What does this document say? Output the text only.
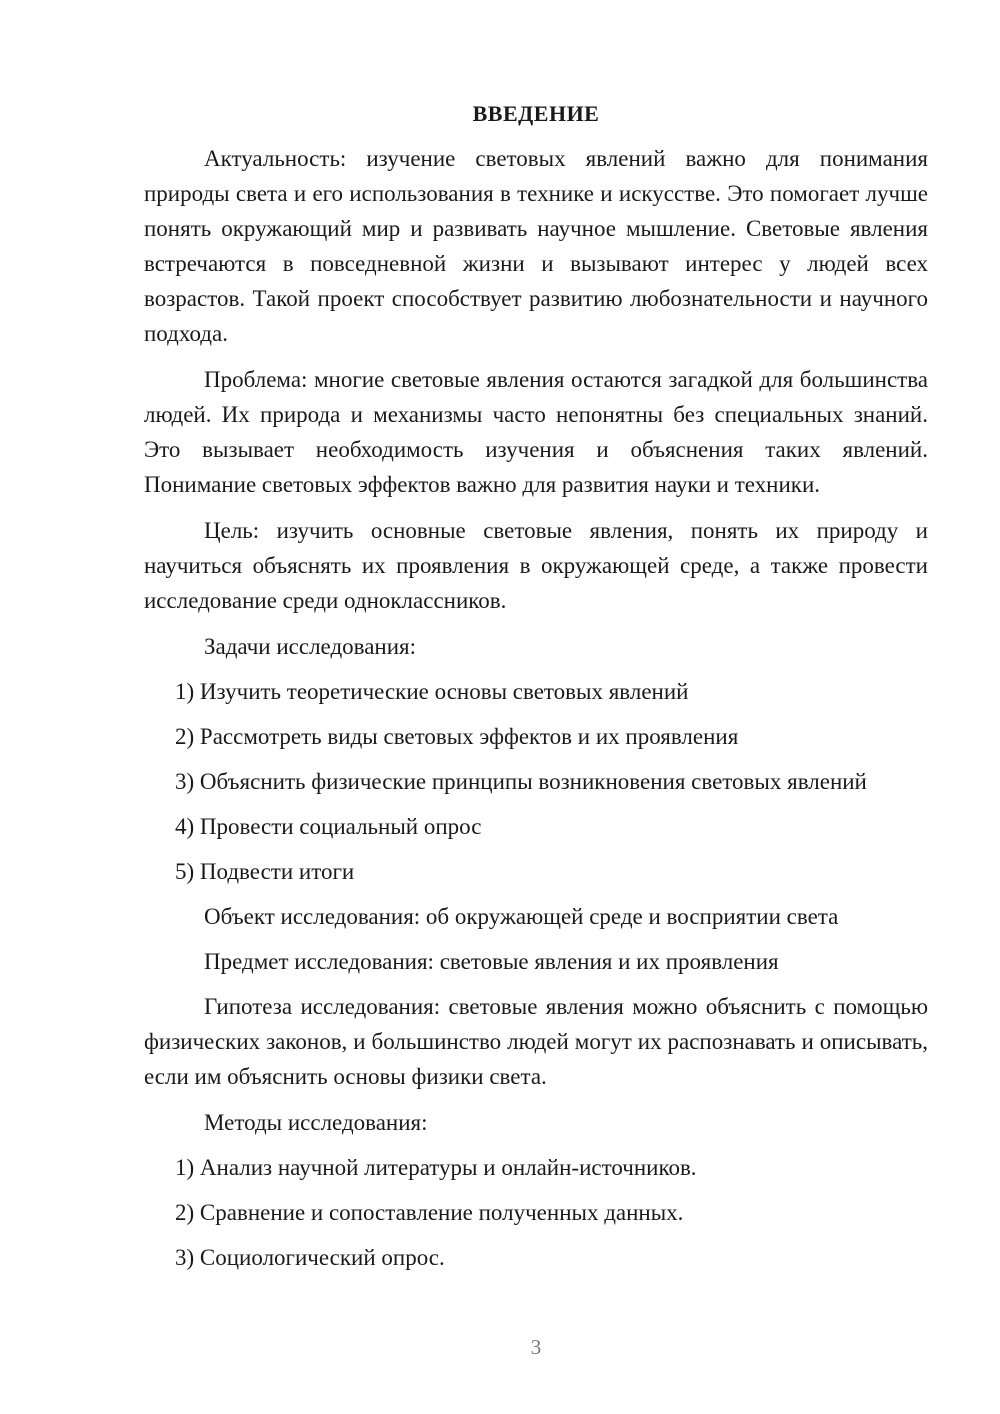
ВВЕДЕНИЕ

Актуальность: изучение световых явлений важно для понимания природы света и его использования в технике и искусстве. Это помогает лучше понять окружающий мир и развивать научное мышление. Световые явления встречаются в повседневной жизни и вызывают интерес у людей всех возрастов. Такой проект способствует развитию любознательности и научного подхода.

Проблема: многие световые явления остаются загадкой для большинства людей. Их природа и механизмы часто непонятны без специальных знаний. Это вызывает необходимость изучения и объяснения таких явлений. Понимание световых эффектов важно для развития науки и техники.

Цель: изучить основные световые явления, понять их природу и научиться объяснять их проявления в окружающей среде, а также провести исследование среди одноклассников.

Задачи исследования:
1) Изучить теоретические основы световых явлений
2) Рассмотреть виды световых эффектов и их проявления
3) Объяснить физические принципы возникновения световых явлений
4) Провести социальный опрос
5) Подвести итоги
Объект исследования: об окружающей среде и восприятии света
Предмет исследования: световые явления и их проявления

Гипотеза исследования: световые явления можно объяснить с помощью физических законов, и большинство людей могут их распознавать и описывать, если им объяснить основы физики света.

Методы исследования:
1) Анализ научной литературы и онлайн-источников.
2) Сравнение и сопоставление полученных данных.
3) Социологический опрос.
3
